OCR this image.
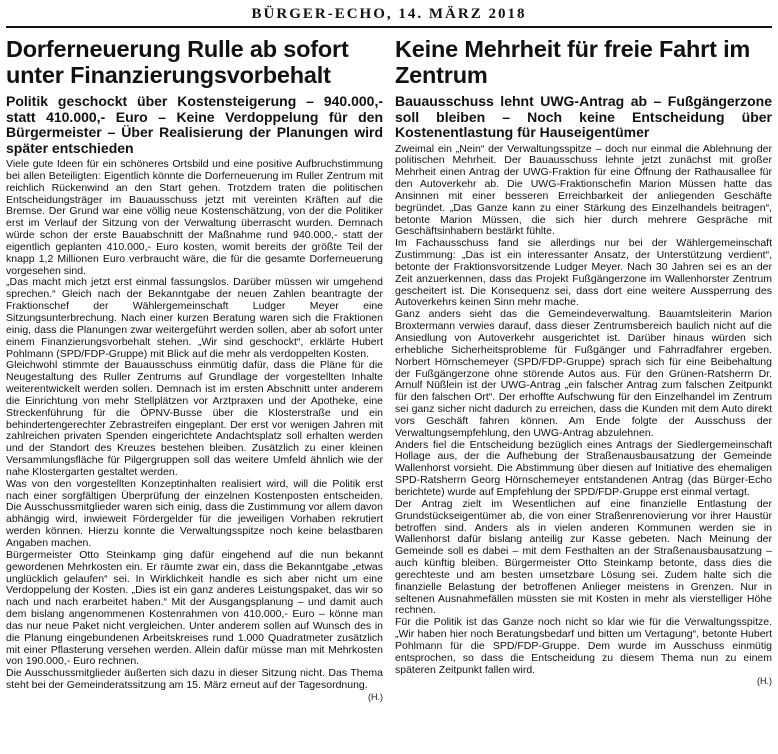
BÜRGER-ECHO, 14. MÄRZ 2018
Dorferneuerung Rulle ab sofort unter Finanzierungsvorbehalt
Politik geschockt über Kostensteigerung – 940.000,- statt 410.000,- Euro – Keine Verdoppelung für den Bürgermeister – Über Realisierung der Planungen wird später entschieden

Viele gute Ideen für ein schöneres Ortsbild und eine positive Aufbruchstimmung bei allen Beteiligten: Eigentlich könnte die Dorferneuerung im Ruller Zentrum mit reichlich Rückenwind an den Start gehen. Trotzdem traten die politischen Entscheidungsträger im Bauausschuss jetzt mit vereinten Kräften auf die Bremse. Der Grund war eine völlig neue Kostenschätzung, von der die Politiker erst im Verlauf der Sitzung von der Verwaltung überrascht wurden. Demnach würde schon der erste Bauabschnitt der Maßnahme rund 940.000,- statt der eigentlich geplanten 410.000,- Euro kosten, womit bereits der größte Teil der knapp 1,2 Millionen Euro verbraucht wäre, die für die gesamte Dorferneuerung vorgesehen sind.

„Das macht mich jetzt erst einmal fassungslos. Darüber müssen wir umgehend sprechen.“ Gleich nach der Bekanntgabe der neuen Zahlen beantragte der Fraktionschef der Wählergemeinschaft Ludger Meyer eine Sitzungsunterbrechung. Nach einer kurzen Beratung waren sich die Fraktionen einig, dass die Planungen zwar weitergeführt werden sollen, aber ab sofort unter einem Finanzierungsvorbehalt stehen. „Wir sind geschockt“, erklärte Hubert Pohlmann (SPD/FDP-Gruppe) mit Blick auf die mehr als verdoppelten Kosten.

Gleichwohl stimmte der Bauausschuss einmütig dafür, dass die Pläne für die Neugestaltung des Ruller Zentrums auf Grundlage der vorgestellten Inhalte weiterentwickelt werden sollen. Demnach ist im ersten Abschnitt unter anderem die Einrichtung von mehr Stellplätzen vor Arztpraxen und der Apotheke, eine Streckenführung für die ÖPNV-Busse über die Klosterstraße und ein behindertengerechter Zebrastreifen eingeplant. Der erst vor wenigen Jahren mit zahlreichen privaten Spenden eingerichtete Andachtsplatz soll erhalten werden und der Standort des Kreuzes bestehen bleiben. Zusätzlich zu einer kleinen Versammlungsfläche für Pilgergruppen soll das weitere Umfeld ähnlich wie der nahe Klostergarten gestaltet werden.

Was von den vorgestellten Konzeptinhalten realisiert wird, will die Politik erst nach einer sorgfältigen Überprüfung der einzelnen Kostenposten entscheiden. Die Ausschussmitglieder waren sich einig, dass die Zustimmung vor allem davon abhängig wird, inwieweit Fördergelder für die jeweiligen Vorhaben rekrutiert werden können. Hierzu konnte die Verwaltungsspitze noch keine belastbaren Angaben machen.

Bürgermeister Otto Steinkamp ging dafür eingehend auf die nun bekannt gewordenen Mehrkosten ein. Er räumte zwar ein, dass die Bekanntgabe „etwas unglücklich gelaufen“ sei. In Wirklichkeit handle es sich aber nicht um eine Verdoppelung der Kosten. „Dies ist ein ganz anderes Leistungspaket, das wir so nach und nach erarbeitet haben.“ Mit der Ausgangsplanung – und damit auch dem bislang angenommenen Kostenrahmen von 410.000,- Euro – könne man das nur neue Paket nicht vergleichen. Unter anderem sollen auf Wunsch des in die Planung eingebundenen Arbeitskreises rund 1.000 Quadratmeter zusätzlich mit einer Pflasterung versehen werden. Allein dafür müsse man mit Mehrkosten von 190.000,- Euro rechnen.

Die Ausschussmitglieder äußerten sich dazu in dieser Sitzung nicht. Das Thema steht bei der Gemeinderatssitzung am 15. März erneut auf der Tagesordnung.

(H.)
Keine Mehrheit für freie Fahrt im Zentrum
Bauausschuss lehnt UWG-Antrag ab – Fußgängerzone soll bleiben – Noch keine Entscheidung über Kostenentlastung für Hauseigentümer

Zweimal ein „Nein“ der Verwaltungsspitze – doch nur einmal die Ablehnung der politischen Mehrheit. Der Bauausschuss lehnte jetzt zunächst mit großer Mehrheit einen Antrag der UWG-Fraktion für eine Öffnung der Rathausallee für den Autoverkehr ab. Die UWG-Fraktionschefin Marion Müssen hatte das Ansinnen mit einer besseren Erreichbarkeit der anliegenden Geschäfte begründet. „Das Ganze kann zu einer Stärkung des Einzelhandels beitragen“, betonte Marion Müssen, die sich hier durch mehrere Gespräche mit Geschäftsinhabern bestärkt fühlte.

Im Fachausschuss fand sie allerdings nur bei der Wählergemeinschaft Zustimmung: „Das ist ein interessanter Ansatz, der Unterstützung verdient“, betonte der Fraktionsvorsitzende Ludger Meyer. Nach 30 Jahren sei es an der Zeit anzuerkennen, dass das Projekt Fußgängerzone im Wallenhorster Zentrum gescheitert ist. Die Konsequenz sei, dass dort eine weitere Aussperrung des Autoverkehrs keinen Sinn mehr mache.

Ganz anders sieht das die Gemeindeverwaltung. Bauamtsleiterin Marion Broxtermann verwies darauf, dass dieser Zentrumsbereich baulich nicht auf die Ansiedlung von Autoverkehr ausgerichtet ist. Darüber hinaus würden sich erhebliche Sicherheitsprobleme für Fußgänger und Fahrradfahrer ergeben. Norbert Hörnschemeyer (SPD/FDP-Gruppe) sprach sich für eine Beibehaltung der Fußgängerzone ohne störende Autos aus. Für den Grünen-Ratsherrn Dr. Arnulf Nüßlein ist der UWG-Antrag „ein falscher Antrag zum falschen Zeitpunkt für den falschen Ort“. Der erhoffte Aufschwung für den Einzelhandel im Zentrum sei ganz sicher nicht dadurch zu erreichen, dass die Kunden mit dem Auto direkt vors Geschäft fahren können. Am Ende folgte der Ausschuss der Verwaltungsempfehlung, den UWG-Antrag abzulehnen.

Anders fiel die Entscheidung bezüglich eines Antrags der Siedlergemeinschaft Hollage aus, der die Aufhebung der Straßenausbausatzung der Gemeinde Wallenhorst vorsieht. Die Abstimmung über diesen auf Initiative des ehemaligen SPD-Ratsherrn Georg Hörnschemeyer entstandenen Antrag (das Bürger-Echo berichtete) wurde auf Empfehlung der SPD/FDP-Gruppe erst einmal vertagt.

Der Antrag zielt im Wesentlichen auf eine finanzielle Entlastung der Grundstückseigentümer ab, die von einer Straßenrenovierung vor ihrer Haustür betroffen sind. Anders als in vielen anderen Kommunen werden sie in Wallenhorst dafür bislang anteilig zur Kasse gebeten. Nach Meinung der Gemeinde soll es dabei – mit dem Festhalten an der Straßenausbausatzung – auch künftig bleiben. Bürgermeister Otto Steinkamp betonte, dass dies die gerechteste und am besten umsetzbare Lösung sei. Zudem halte sich die finanzielle Belastung der betroffenen Anlieger meistens in Grenzen. Nur in seltenen Ausnahmefällen müssten sie mit Kosten in mehr als vierstelliger Höhe rechnen.

Für die Politik ist das Ganze noch nicht so klar wie für die Verwaltungsspitze. „Wir haben hier noch Beratungsbedarf und bitten um Vertagung“, betonte Hubert Pohlmann für die SPD/FDP-Gruppe. Dem wurde im Ausschuss einmütig entsprochen, so dass die Entscheidung zu diesem Thema nun zu einem späteren Zeitpunkt fallen wird.

(H.)
